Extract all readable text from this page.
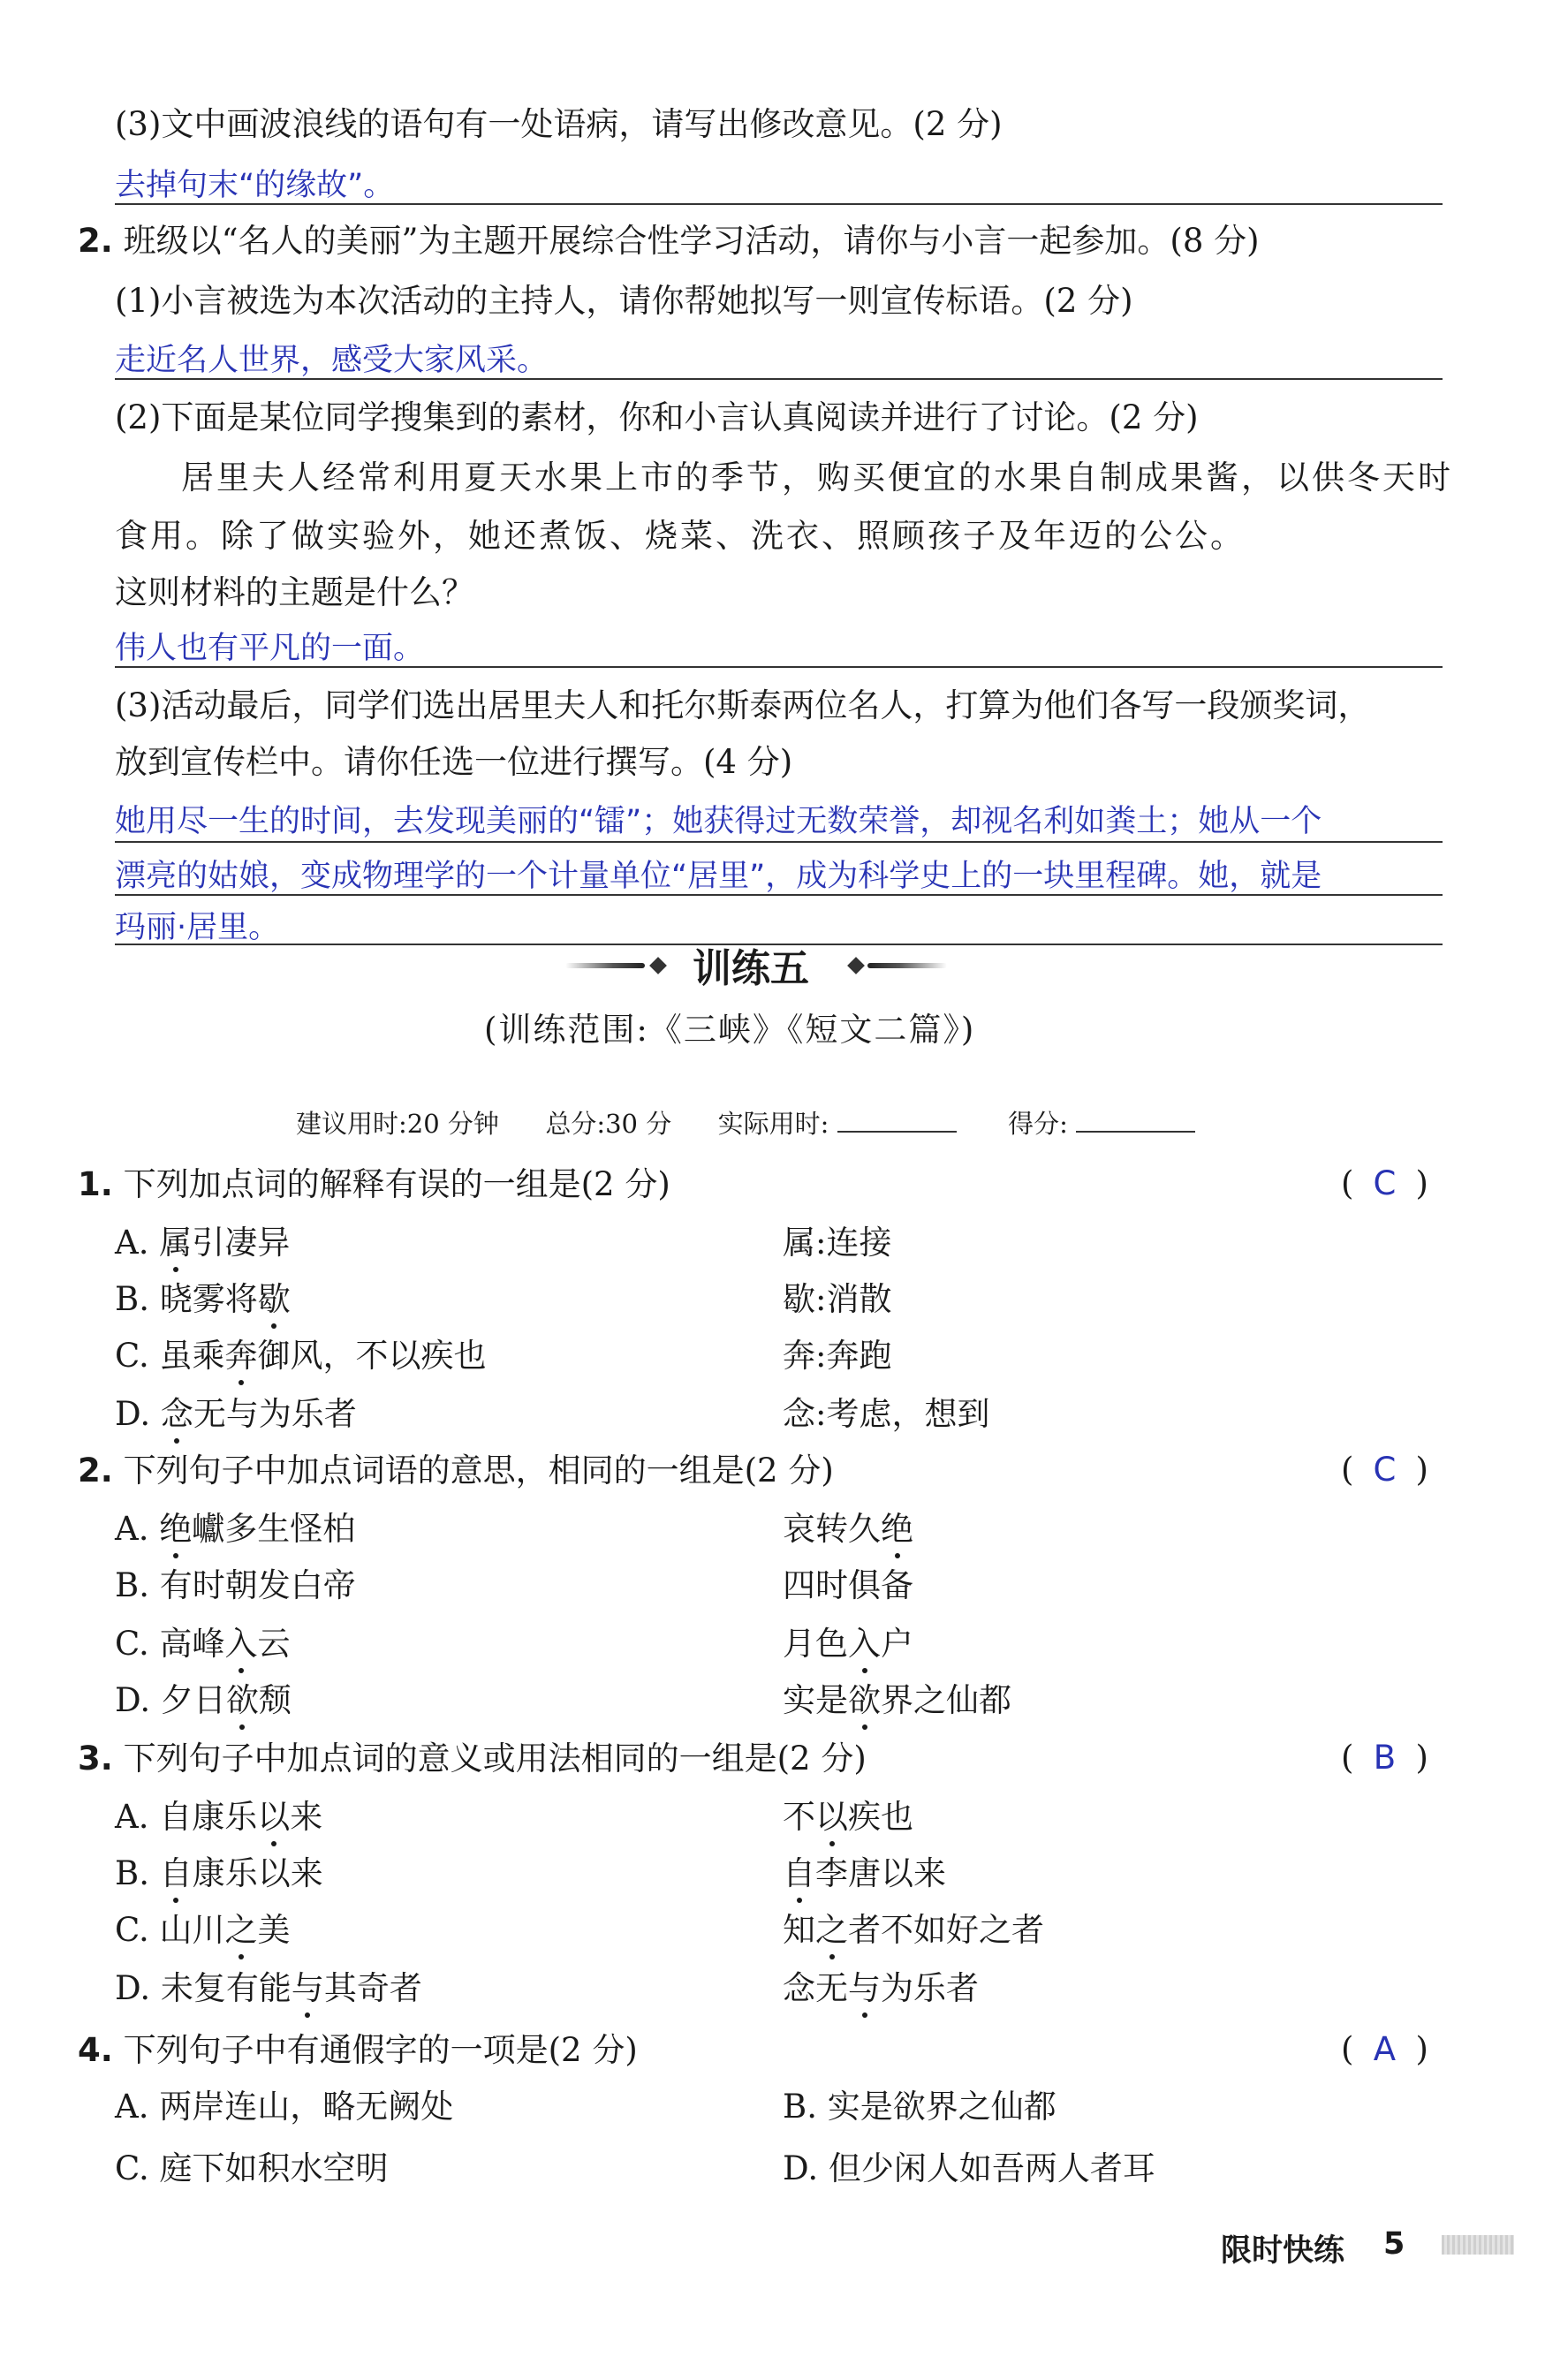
(3)文中画波浪线的语句有一处语病，请写出修改意见。(2 分)
去掉句末“的缘故”。
2. 班级以“名人的美丽”为主题开展综合性学习活动，请你与小言一起参加。(8 分)
(1)小言被选为本次活动的主持人，请你帮她拟写一则宣传标语。(2 分)
走近名人世界，感受大家风采。
(2)下面是某位同学搜集到的素材，你和小言认真阅读并进行了讨论。(2 分)
居里夫人经常利用夏天水果上市的季节，购买便宜的水果自制成果酱，以供冬天时
食用。除了做实验外，她还煮饭、烧菜、洗衣、照顾孩子及年迈的公公。
这则材料的主题是什么？
伟人也有平凡的一面。
(3)活动最后，同学们选出居里夫人和托尔斯泰两位名人，打算为他们各写一段颁奖词，
放到宣传栏中。请你任选一位进行撰写。(4 分)
她用尽一生的时间，去发现美丽的“镭”；她获得过无数荣誉，却视名利如粪土；她从一个
漂亮的姑娘，变成物理学的一个计量单位“居里”，成为科学史上的一块里程碑。她，就是
玛丽·居里。
训练五
(训练范围:《三峡》《短文二篇》)
建议用时:20 分钟 总分:30 分 实际用时:	得分:
1. 下列加点词的解释有误的一组是(2 分)	( C )
A. 属引凄异	属:连接
B. 晓雾将歇	歇:消散
C. 虽乘奔御风，不以疾也	奔:奔跑
D. 念无与为乐者	念:考虑，想到
2. 下列句子中加点词语的意思，相同的一组是(2 分)	( C )
A. 绝巘多生怪柏	哀转久绝
B. 有时朝发白帝	四时俱备
C. 高峰入云	月色入户
D. 夕日欲颓	实是欲界之仙都
3. 下列句子中加点词的意义或用法相同的一组是(2 分)	( B )
A. 自康乐以来	不以疾也
B. 自康乐以来	自李唐以来
C. 山川之美	知之者不如好之者
D. 未复有能与其奇者	念无与为乐者
4. 下列句子中有通假字的一项是(2 分)	( A )
A. 两岸连山，略无阙处	B. 实是欲界之仙都
C. 庭下如积水空明	D. 但少闲人如吾两人者耳
限时快练 5
